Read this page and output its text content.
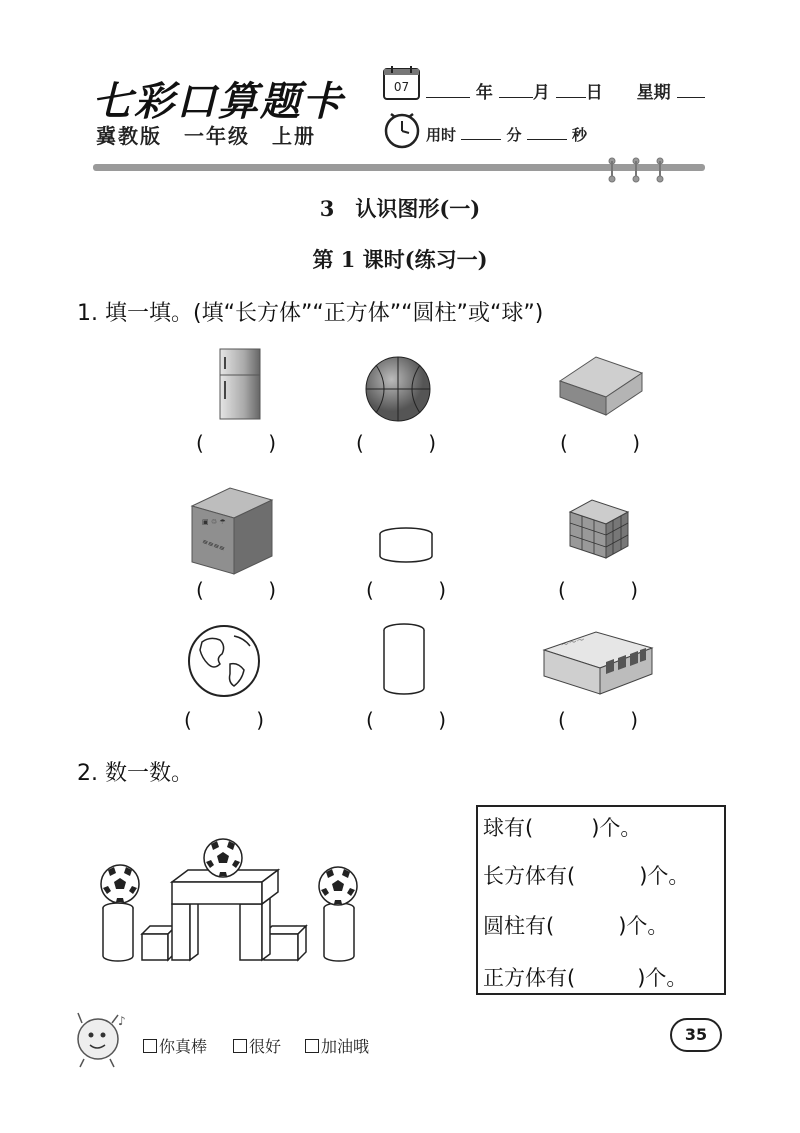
七彩口算题卡
冀教版　一年级　上册
07	年 月 日 星期
用时	分	秒
3　认识图形(一)
第 1 课时(练习一)
1. 填一填。(填“长方体”“正方体”“圆柱”或“球”)
(	)	(	)	(	)
▣ ♲ ☂
≡≡≡≡
(	)	(	)	(	)
〜〜〜
(	)	(	)	(	)
2. 数一数。
球有(	)个。
长方体有(	)个。
圆柱有(	)个。
正方体有(	)个。
♪
你真棒	很好	加油哦
35
